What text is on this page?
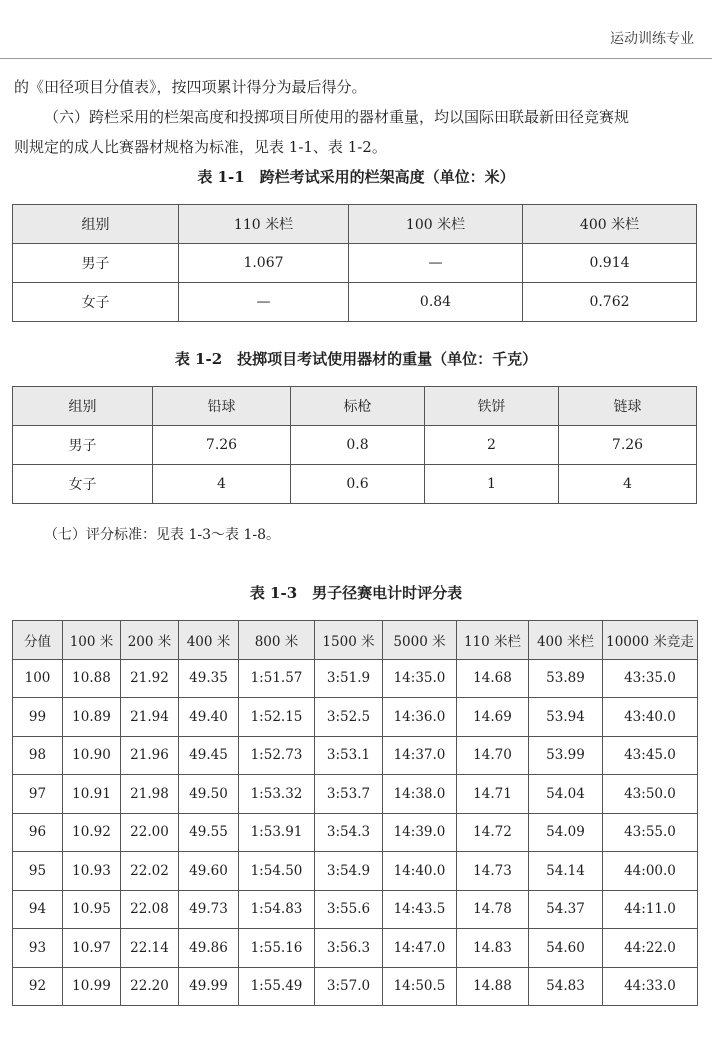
运动训练专业
的《田径项目分值表》，按四项累计得分为最后得分。
（六）跨栏采用的栏架高度和投掷项目所使用的器材重量，均以国际田联最新田径竞赛规
则规定的成人比赛器材规格为标准，见表 1-1、表 1-2。
表 1-1　跨栏考试采用的栏架高度（单位：米）
组别	110 米栏	100 米栏	400 米栏
男子	1.067	—	0.914
女子	—	0.84	0.762
表 1-2　投掷项目考试使用器材的重量（单位：千克）
组别	铅球	标枪	铁饼	链球
男子	7.26	0.8	2	7.26
女子	4	0.6	1	4
（七）评分标准：见表 1-3～表 1-8。
表 1-3　男子径赛电计时评分表
分值	100 米	200 米	400 米	800 米	1500 米	5000 米	110 米栏	400 米栏	10000 米竞走
100	10.88	21.92	49.35	1:51.57	3:51.9	14:35.0	14.68	53.89	43:35.0
99	10.89	21.94	49.40	1:52.15	3:52.5	14:36.0	14.69	53.94	43:40.0
98	10.90	21.96	49.45	1:52.73	3:53.1	14:37.0	14.70	53.99	43:45.0
97	10.91	21.98	49.50	1:53.32	3:53.7	14:38.0	14.71	54.04	43:50.0
96	10.92	22.00	49.55	1:53.91	3:54.3	14:39.0	14.72	54.09	43:55.0
95	10.93	22.02	49.60	1:54.50	3:54.9	14:40.0	14.73	54.14	44:00.0
94	10.95	22.08	49.73	1:54.83	3:55.6	14:43.5	14.78	54.37	44:11.0
93	10.97	22.14	49.86	1:55.16	3:56.3	14:47.0	14.83	54.60	44:22.0
92	10.99	22.20	49.99	1:55.49	3:57.0	14:50.5	14.88	54.83	44:33.0
